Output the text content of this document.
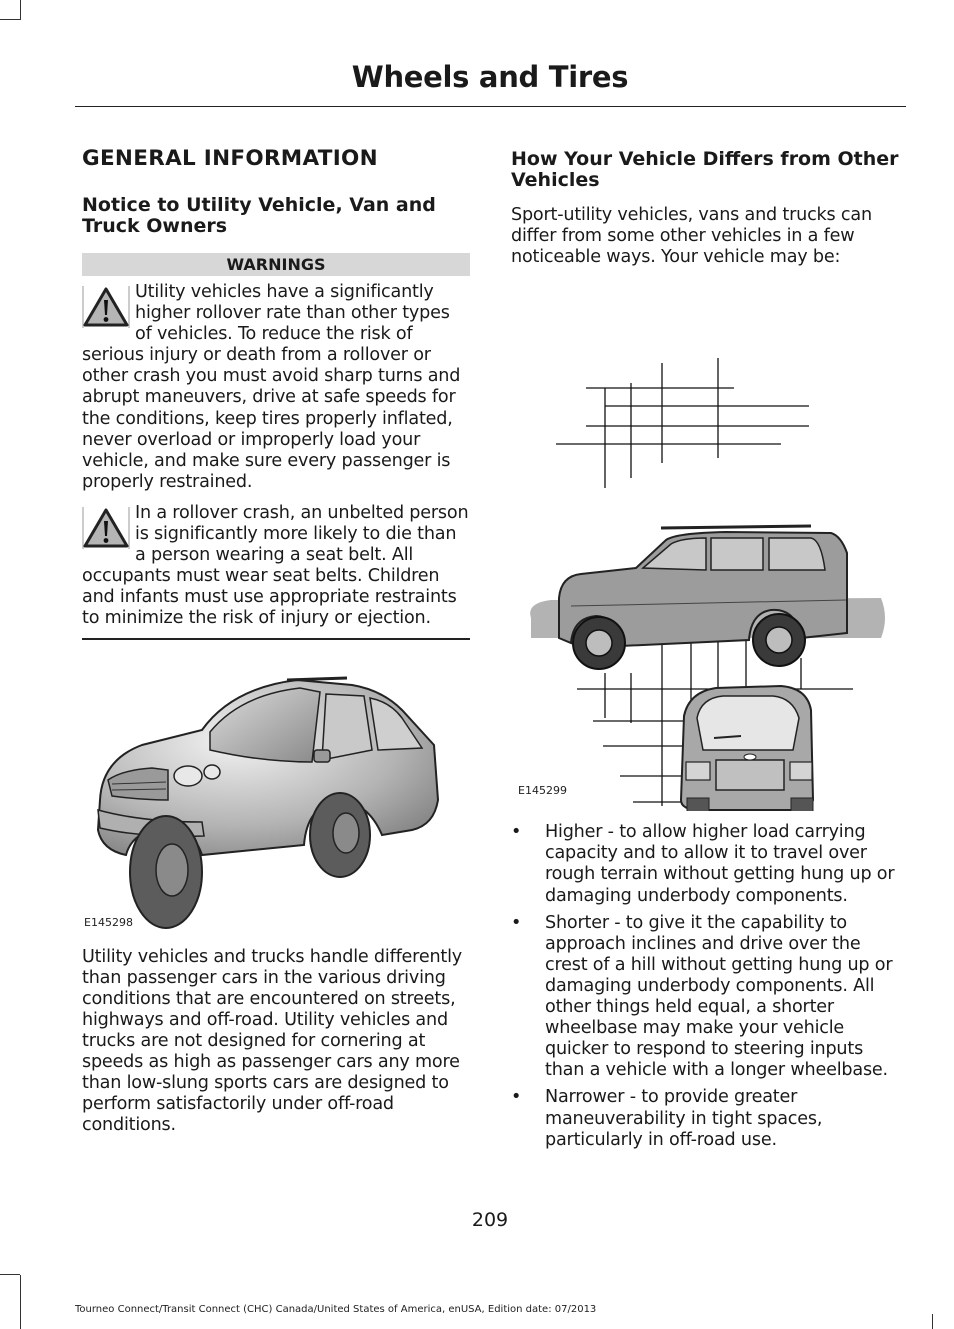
Wheels and Tires
GENERAL INFORMATION
Notice to Utility Vehicle, Van and Truck Owners
WARNINGS

Utility vehicles have a significantly higher rollover rate than other types of vehicles. To reduce the risk of serious injury or death from a rollover or other crash you must avoid sharp turns and abrupt maneuvers, drive at safe speeds for the conditions, keep tires properly inflated, never overload or improperly load your vehicle, and make sure every passenger is properly restrained.

In a rollover crash, an unbelted person is significantly more likely to die than a person wearing a seat belt. All occupants must wear seat belts. Children and infants must use appropriate restraints to minimize the risk of injury or ejection.

E145298

Utility vehicles and trucks handle differently than passenger cars in the various driving conditions that are encountered on streets, highways and off-road. Utility vehicles and trucks are not designed for cornering at speeds as high as passenger cars any more than low-slung sports cars are designed to perform satisfactorily under off-road conditions.

How Your Vehicle Differs from Other Vehicles

Sport-utility vehicles, vans and trucks can differ from some other vehicles in a few noticeable ways. Your vehicle may be:

E145299
• Higher - to allow higher load carrying capacity and to allow it to travel over rough terrain without getting hung up or damaging underbody components.
• Shorter - to give it the capability to approach inclines and drive over the crest of a hill without getting hung up or damaging underbody components. All other things held equal, a shorter wheelbase may make your vehicle quicker to respond to steering inputs than a vehicle with a longer wheelbase.
• Narrower - to provide greater maneuverability in tight spaces, particularly in off-road use.
209
Tourneo Connect/Transit Connect (CHC) Canada/United States of America, enUSA, Edition date: 07/2013
